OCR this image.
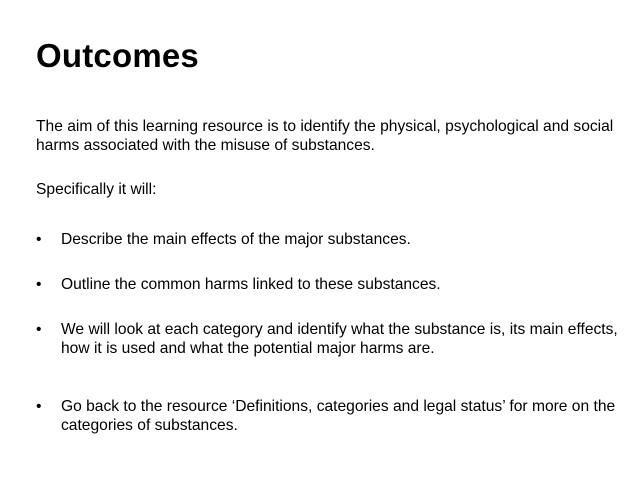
Outcomes
The aim of this learning resource is to identify the physical, psychological and social harms associated with the misuse of substances.
Specifically it will:
•	Describe the main effects of the major substances.
•	Outline the common harms linked to these substances.
•	We will look at each category and identify what the substance is, its main effects, how it is used and what the potential major harms are.
•	Go back to the resource ‘Definitions, categories and legal status’ for more on the categories of substances.
